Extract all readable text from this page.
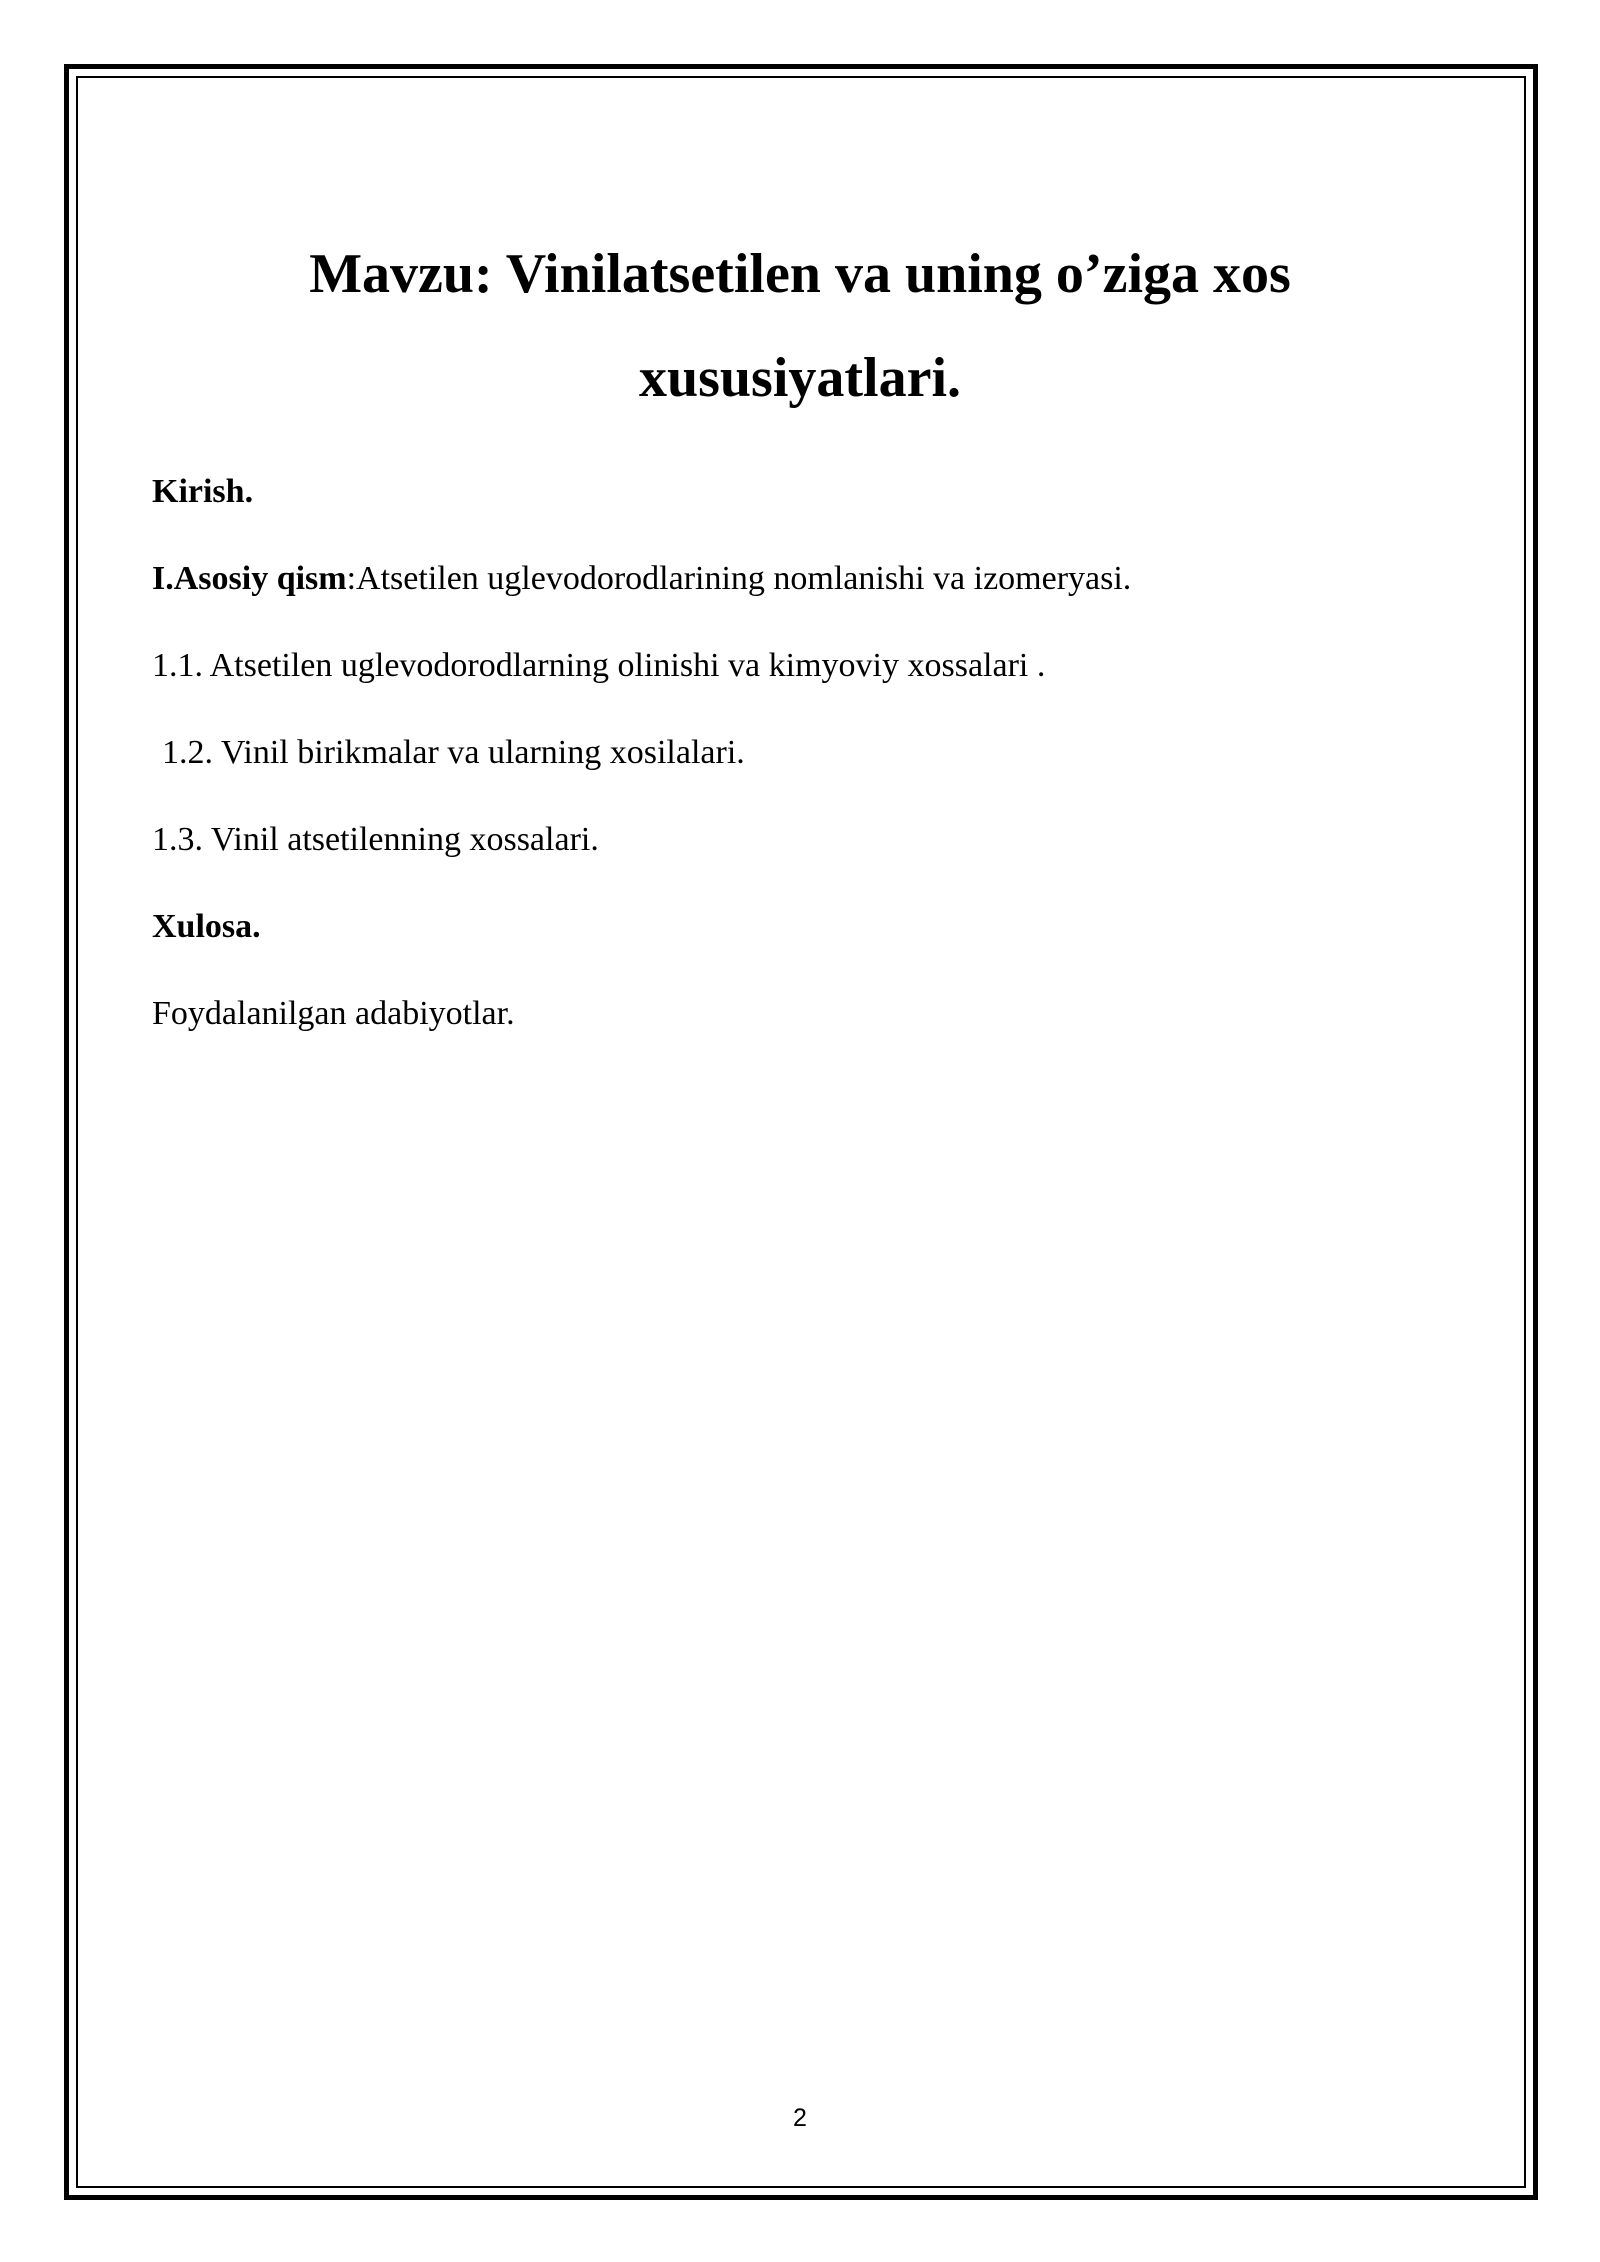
Mavzu: Vinilatsetilen va uning o’ziga xos
xususiyatlari.
Kirish.
I.Asosiy qism:Atsetilen uglevodorodlarining nomlanishi va izomeryasi.
1.1. Atsetilen uglevodorodlarning olinishi va kimyoviy xossalari .
1.2. Vinil birikmalar va ularning xosilalari.
1.3. Vinil atsetilenning xossalari.
Xulosa.
Foydalanilgan adabiyotlar.
2
